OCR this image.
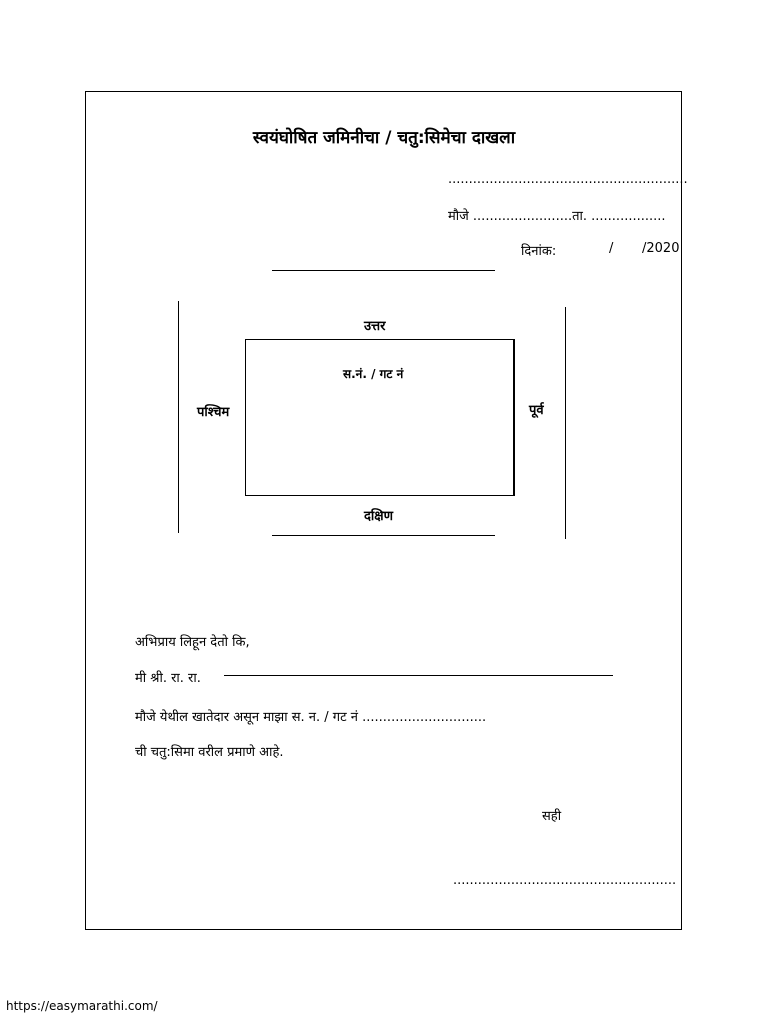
स्वयंघोषित जमिनीचा / चतु:सिमेचा दाखला
..........................................................
मौजे ........................ता. ..................
दिनांक:	/ /2020
उत्तर
पश्चिम	पूर्व
दक्षिण
स.नं. / गट नं
अभिप्राय लिहून देतो कि,
मी श्री. रा. रा.
मौजे येथील खातेदार असून माझा स. न. / गट नं ..............................
ची चतु:सिमा वरील प्रमाणे आहे.
सही
......................................................
https://easymarathi.com/
